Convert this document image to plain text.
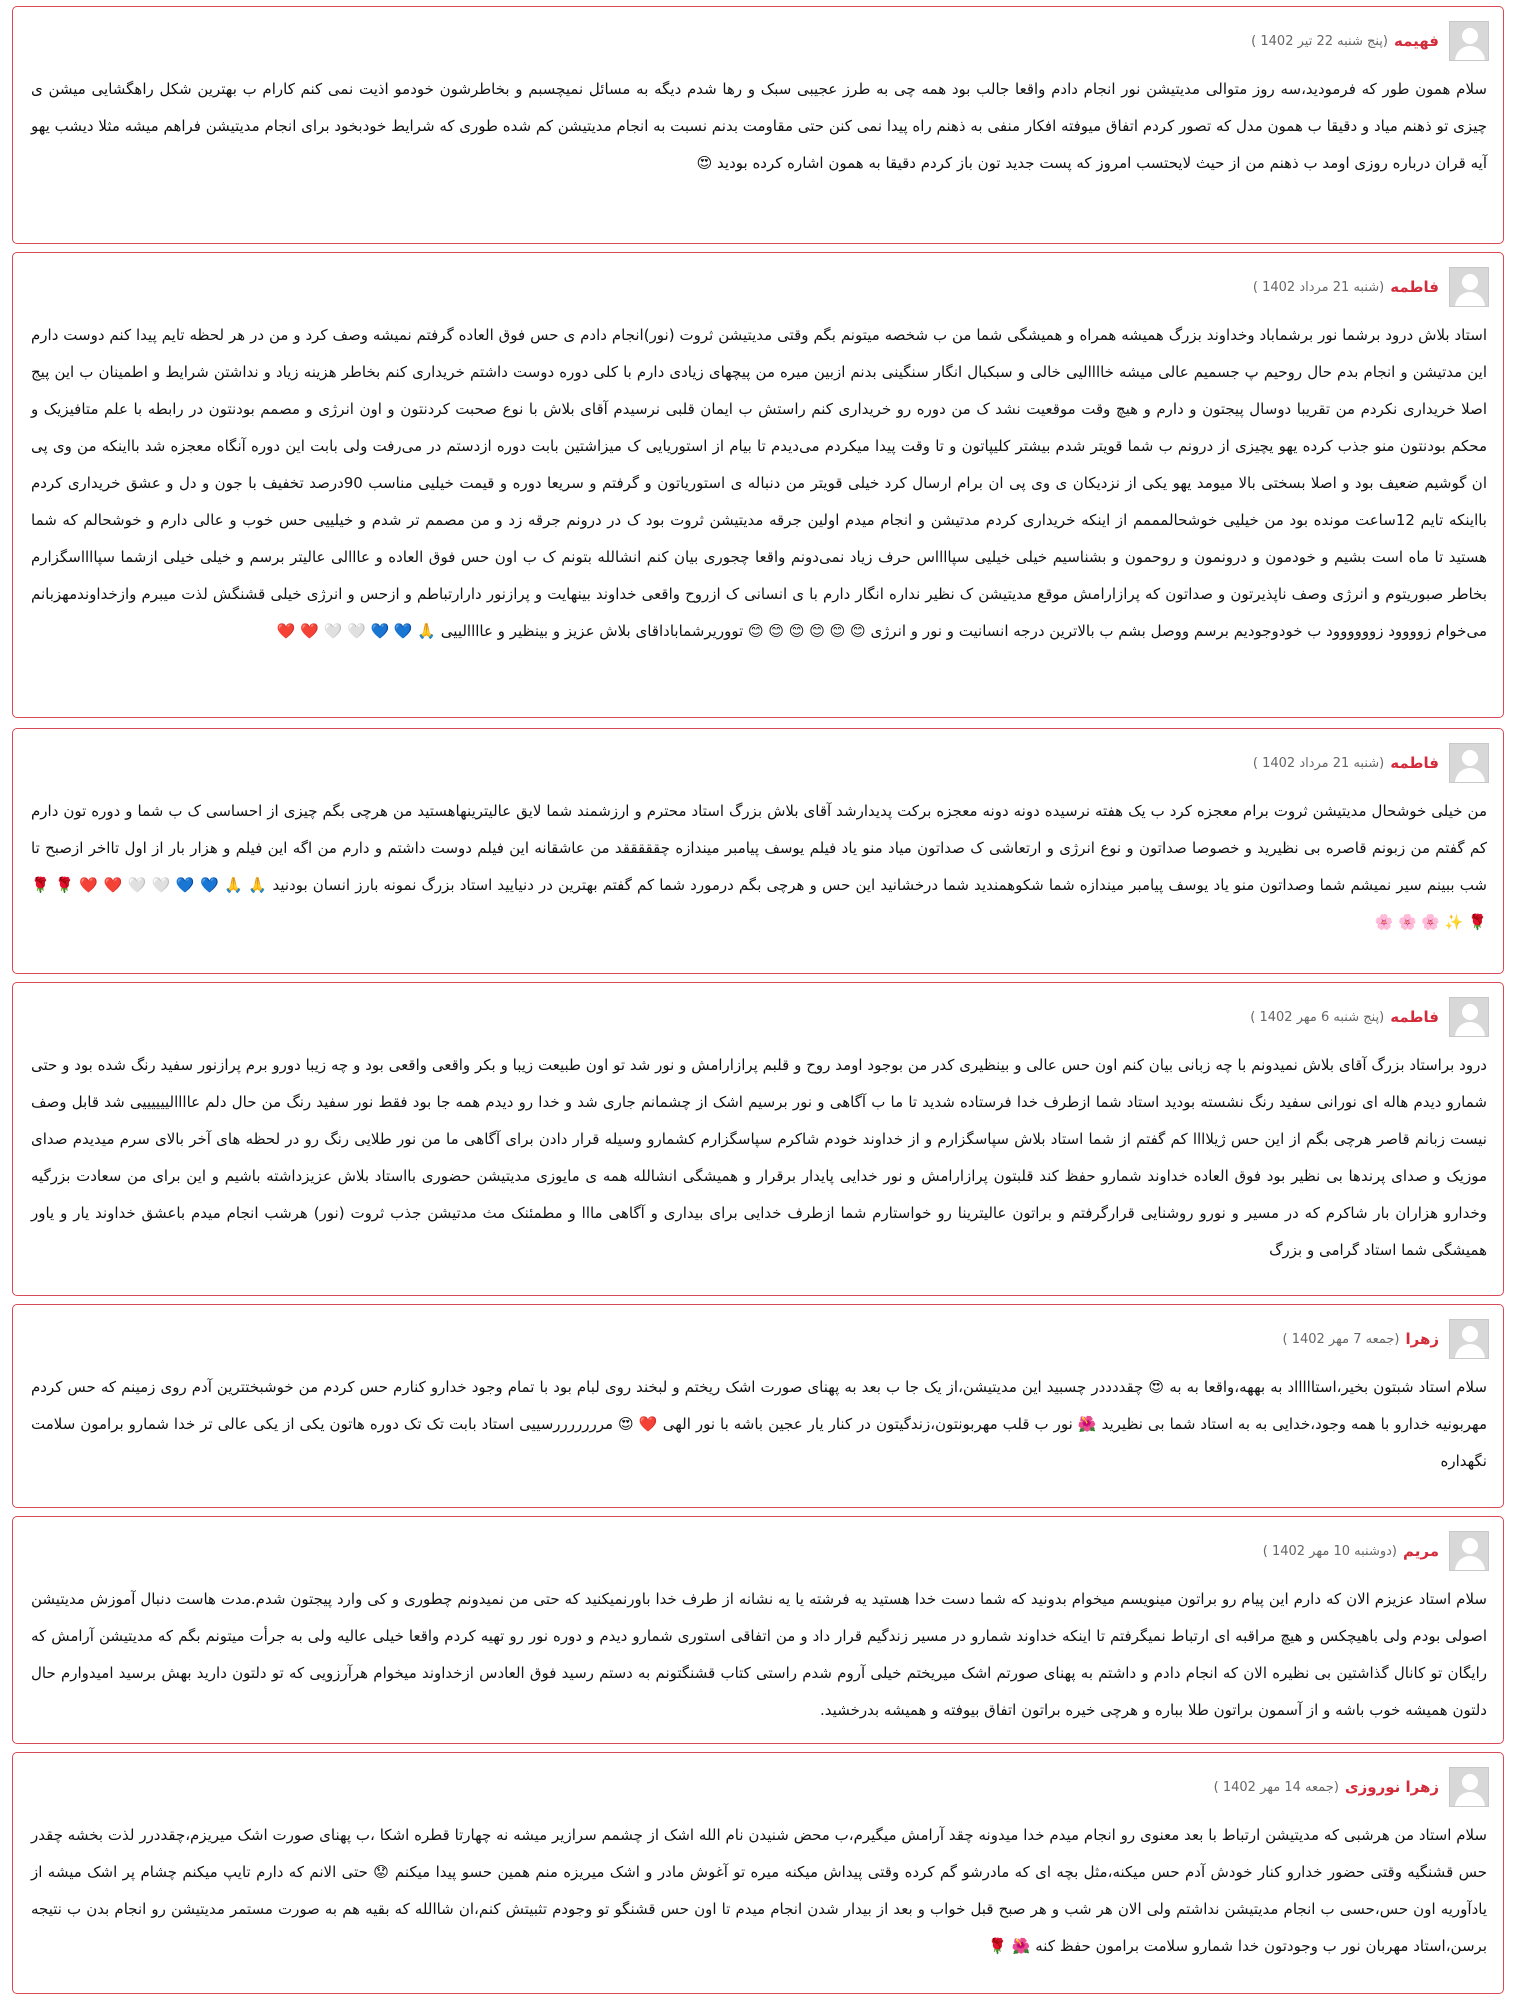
فهیمه
(پنج شنبه 22 تیر 1402 )
سلام همون طور که فرمودید،سه روز متوالی مدیتیشن نور انجام دادم واقعا جالب بود همه چی به طرز عجیبی سبک و رها شدم دیگه به مسائل نمیچسبم و بخاطرشون خودمو اذیت نمی کنم کارام ب بهترین شکل راهگشایی میشن ی چیزی تو ذهنم میاد و دقیقا ب همون مدل که تصور کردم اتفاق میوفته افکار منفی به ذهنم راه پیدا نمی کنن حتی مقاومت بدنم نسبت به انجام مدیتیشن کم شده طوری که شرایط خودبخود برای انجام مدیتیشن فراهم میشه مثلا دیشب یهو آیه قران درباره روزی اومد ب ذهنم من از حیث لایحتسب امروز که پست جدید تون باز کردم دقیقا به همون اشاره کرده بودید 😍
فاطمه
(شنبه 21 مرداد 1402 )
استاد بلاش درود برشما نور برشماباد وخداوند بزرگ همیشه همراه و همیشگی شما من ب شخصه میتونم بگم وقتی مدیتیشن ثروت (نور)انجام دادم ی حس فوق العاده گرفتم نمیشه وصف کرد و من در هر لحظه تایم پیدا کنم دوست دارم این مدتیشن و انجام بدم حال روحیم پ جسمیم عالی میشه خاااالیی خالی و سبکبال انگار سنگینی بدنم ازبین میره من پیچهای زیادی دارم با کلی دوره دوست داشتم خریداری کنم بخاطر هزینه زیاد و نداشتن شرایط و اطمینان ب این پیج اصلا خریداری نکردم من تقریبا دوسال پیجتون و دارم و هیچ وقت موقعیت نشد ک من دوره رو خریداری کنم راستش ب ایمان قلبی نرسیدم آقای بلاش با نوع صحبت کردنتون و اون انرژی و مصمم بودنتون در رابطه با علم متافیزیک و محکم بودنتون منو جذب کرده یهو یچیزی از درونم ب شما قویتر شدم بیشتر کلیپاتون و تا وقت پیدا میکردم می‌دیدم تا بیام از استوریایی ک میزاشتین بابت دوره ازدستم در می‌رفت ولی بابت این دوره آنگاه معجزه شد بااینکه من وی پی ان گوشیم ضعیف بود و اصلا بسختی بالا میومد یهو یکی از نزدیکان ی وی پی ان برام ارسال کرد خیلی قویتر من دنباله ی استوریاتون و گرفتم و سریعا دوره و قیمت خیلیی مناسب 90درصد تخفیف با جون و دل و عشق خریداری کردم بااینکه تایم 12ساعت مونده بود من خیلیی خوشحالمممم از اینکه خریداری کردم مدتیشن و انجام میدم اولین جرقه مدیتیشن ثروت بود ک در درونم جرقه زد و من مصمم تر شدم و خیلییی حس خوب و عالی دارم و خوشحالم که شما هستید تا ماه است بشیم و خودمون و درونمون و روحمون و بشناسیم خیلی خیلیی سپااااس حرف زیاد نمی‌دونم واقعا چجوری بیان کنم انشالله بتونم ک ب اون حس فوق العاده و عااالی عالیتر برسم و خیلی خیلی ازشما سپااااسگزارم بخاطر صبوریتوم و انرژی وصف ناپذیرتون و صداتون که پرازارامش موقع مدیتیشن ک نظیر نداره انگار دارم با ی انسانی ک ازروح واقعی خداوند بینهایت و پرازنور دارارتباطم و ازحس و انرژی خیلی قشنگش لذت میبرم وازخداوندمهزبانم می‌خوام زوووود زوووووود ب خودوجودیم برسم ووصل بشم ب بالاترین درجه انسانیت و نور و انرژی 😊 😊 😊 😊 😊 😊 تووریرشماباداقای بلاش عزیز و بینظیر و عاااالییی 🙏 💙 💙 🤍 🤍 ❤️ ❤️
فاطمه
(شنبه 21 مرداد 1402 )
من خیلی خوشحال مدیتیشن ثروت برام معجزه کرد ب یک هفته نرسیده دونه دونه معجزه برکت پدیدارشد آقای بلاش بزرگ استاد محترم و ارزشمند شما لایق عالیترینهاهستید من هرچی بگم چیزی از احساسی ک ب شما و دوره تون دارم کم گفتم من زبونم قاصره بی نظیرید و خصوصا صداتون و نوع انرژی و ارتعاشی ک صداتون میاد منو یاد فیلم یوسف پیامبر میندازه چقققققد من عاشقانه این فیلم دوست داشتم و دارم من اگه این فیلم و هزار بار از اول تااخر ازصبح تا شب ببینم سیر نمیشم شما وصداتون منو یاد یوسف پیامبر میندازه شما شکوهمندید شما درخشانید این حس و هرچی بگم درمورد شما کم گفتم بهترین در دنیایید استاد بزرگ نمونه بارز انسان بودنید 🙏 🙏 💙 💙 🤍 🤍 ❤️ ❤️ 🌹 🌹 🌹 ✨ 🌸 🌸 🌸
فاطمه
(پنج شنبه 6 مهر 1402 )
درود براستاد بزرگ آقای بلاش نمیدونم با چه زبانی بیان کنم اون حس عالی و بینظیری کدر من بوجود اومد روح و قلبم پرازارامش و نور شد تو اون طبیعت زیبا و بکر واقعی واقعی بود و چه زیبا دورو برم پرازنور سفید رنگ شده بود و حتی شمارو دیدم هاله ای نورانی سفید رنگ نشسته بودید استاد شما ازطرف خدا فرستاده شدید تا ما ب آگاهی و نور برسیم اشک از چشمانم جاری شد و خدا رو دیدم همه جا بود فقط نور سفید رنگ من حال دلم عاااالییییییی شد قابل وصف نیست زبانم قاصر هرچی بگم از این حس ژیلاااا کم گفتم از شما استاد بلاش سپاسگزارم و از خداوند خودم شاکرم سپاسگزارم کشمارو وسیله قرار دادن برای آگاهی ما من نور طلایی رنگ رو در لحظه های آخر بالای سرم میدیدم صدای موزیک و صدای پرندها بی نظیر بود فوق العاده خداوند شمارو حفظ کند قلبتون پرازارامش و نور خدایی پایدار برقرار و همیشگی انشالله همه ی مایوزی مدیتیشن حضوری بااستاد بلاش عزیزداشته باشیم و این برای من سعادت بزرگیه وخدارو هزاران بار شاکرم که در مسیر و نورو روشنایی قرارگرفتم و براتون عالیترینا رو خواستارم شما ازطرف خدایی برای بیداری و آگاهی مااا و مطمئنک مث مدتیشن جذب ثروت (نور) هرشب انجام میدم باعشق خداوند یار و یاور همیشگی شما استاد گرامی و بزرگ
زهرا
(جمعه 7 مهر 1402 )
سلام استاد شبتون بخیر،استاااااد به بههه،واقعا به به 😍 چقددددر چسبید این مدیتیشن،از یک جا ب بعد به پهنای صورت اشک ریختم و لبخند روی لبام بود با تمام وجود خدارو کنارم حس کردم من خوشبختترین آدم روی زمینم که حس کردم مهربونیه خدارو با همه وجود،خدایی به به استاد شما بی نظیرید 🌺 نور ب قلب مهربونتون،زندگیتون در کنار یار عجین باشه با نور الهی ❤️ 😍 مرررررررسییی استاد بابت تک تک دوره هاتون یکی از یکی عالی تر خدا شمارو برامون سلامت نگهداره
مریم
(دوشنبه 10 مهر 1402 )
سلام استاد عزیزم الان که دارم این پیام رو براتون مینویسم میخوام بدونید که شما دست خدا هستید یه فرشته یا یه نشانه از طرف خدا باورنمیکنید که حتی من نمیدونم چطوری و کی وارد پیجتون شدم.مدت هاست دنبال آموزش مدیتیشن اصولی بودم ولی باهیچکس و هیچ مراقبه ای ارتباط نمیگرفتم تا اینکه خداوند شمارو در مسیر زندگیم قرار داد و من اتفاقی استوری شمارو دیدم و دوره نور رو تهیه کردم واقعا خیلی عالیه ولی به جرأت میتونم بگم که مدیتیشن آرامش که رایگان تو کانال گذاشتین بی نظیره الان که انجام دادم و داشتم به پهنای صورتم اشک میریختم خیلی آروم شدم راستی کتاب قشنگتونم به دستم رسید فوق العادس ازخداوند میخوام هرآرزویی که تو دلتون دارید بهش برسید امیدوارم حال دلتون همیشه خوب باشه و از آسمون براتون طلا بباره و هرچی خیره براتون اتفاق بیوفته و همیشه بدرخشید.
زهرا نوروزی
(جمعه 14 مهر 1402 )
سلام استاد من هرشبی که مدیتیشن ارتباط با بعد معنوی رو انجام میدم خدا میدونه چقد آرامش میگیرم،ب محض شنیدن نام الله اشک از چشمم سرازیر میشه نه چهارتا قطره اشکا ،ب پهنای صورت اشک میریزم،چقددرر لذت بخشه چقدر حس قشنگیه وقتی حضور خدارو کنار خودش آدم حس میکنه،مثل بچه ای که مادرشو گم کرده وقتی پیداش میکنه میره تو آغوش مادر و اشک میریزه منم همین حسو پیدا میکنم 😟 حتی الانم که دارم تایپ میکنم چشام پر اشک میشه از یادآوریه اون حس،حسی ب انجام مدیتیشن نداشتم ولی الان هر شب و هر صبح قبل خواب و بعد از بیدار شدن انجام میدم تا اون حس قشنگو تو وجودم تثبیتش کنم،ان شاالله که بقیه هم به صورت مستمر مدیتیشن رو انجام بدن ب نتیجه برسن،استاد مهربان نور ب وجودتون خدا شمارو سلامت برامون حفظ کنه 🌺 🌹
